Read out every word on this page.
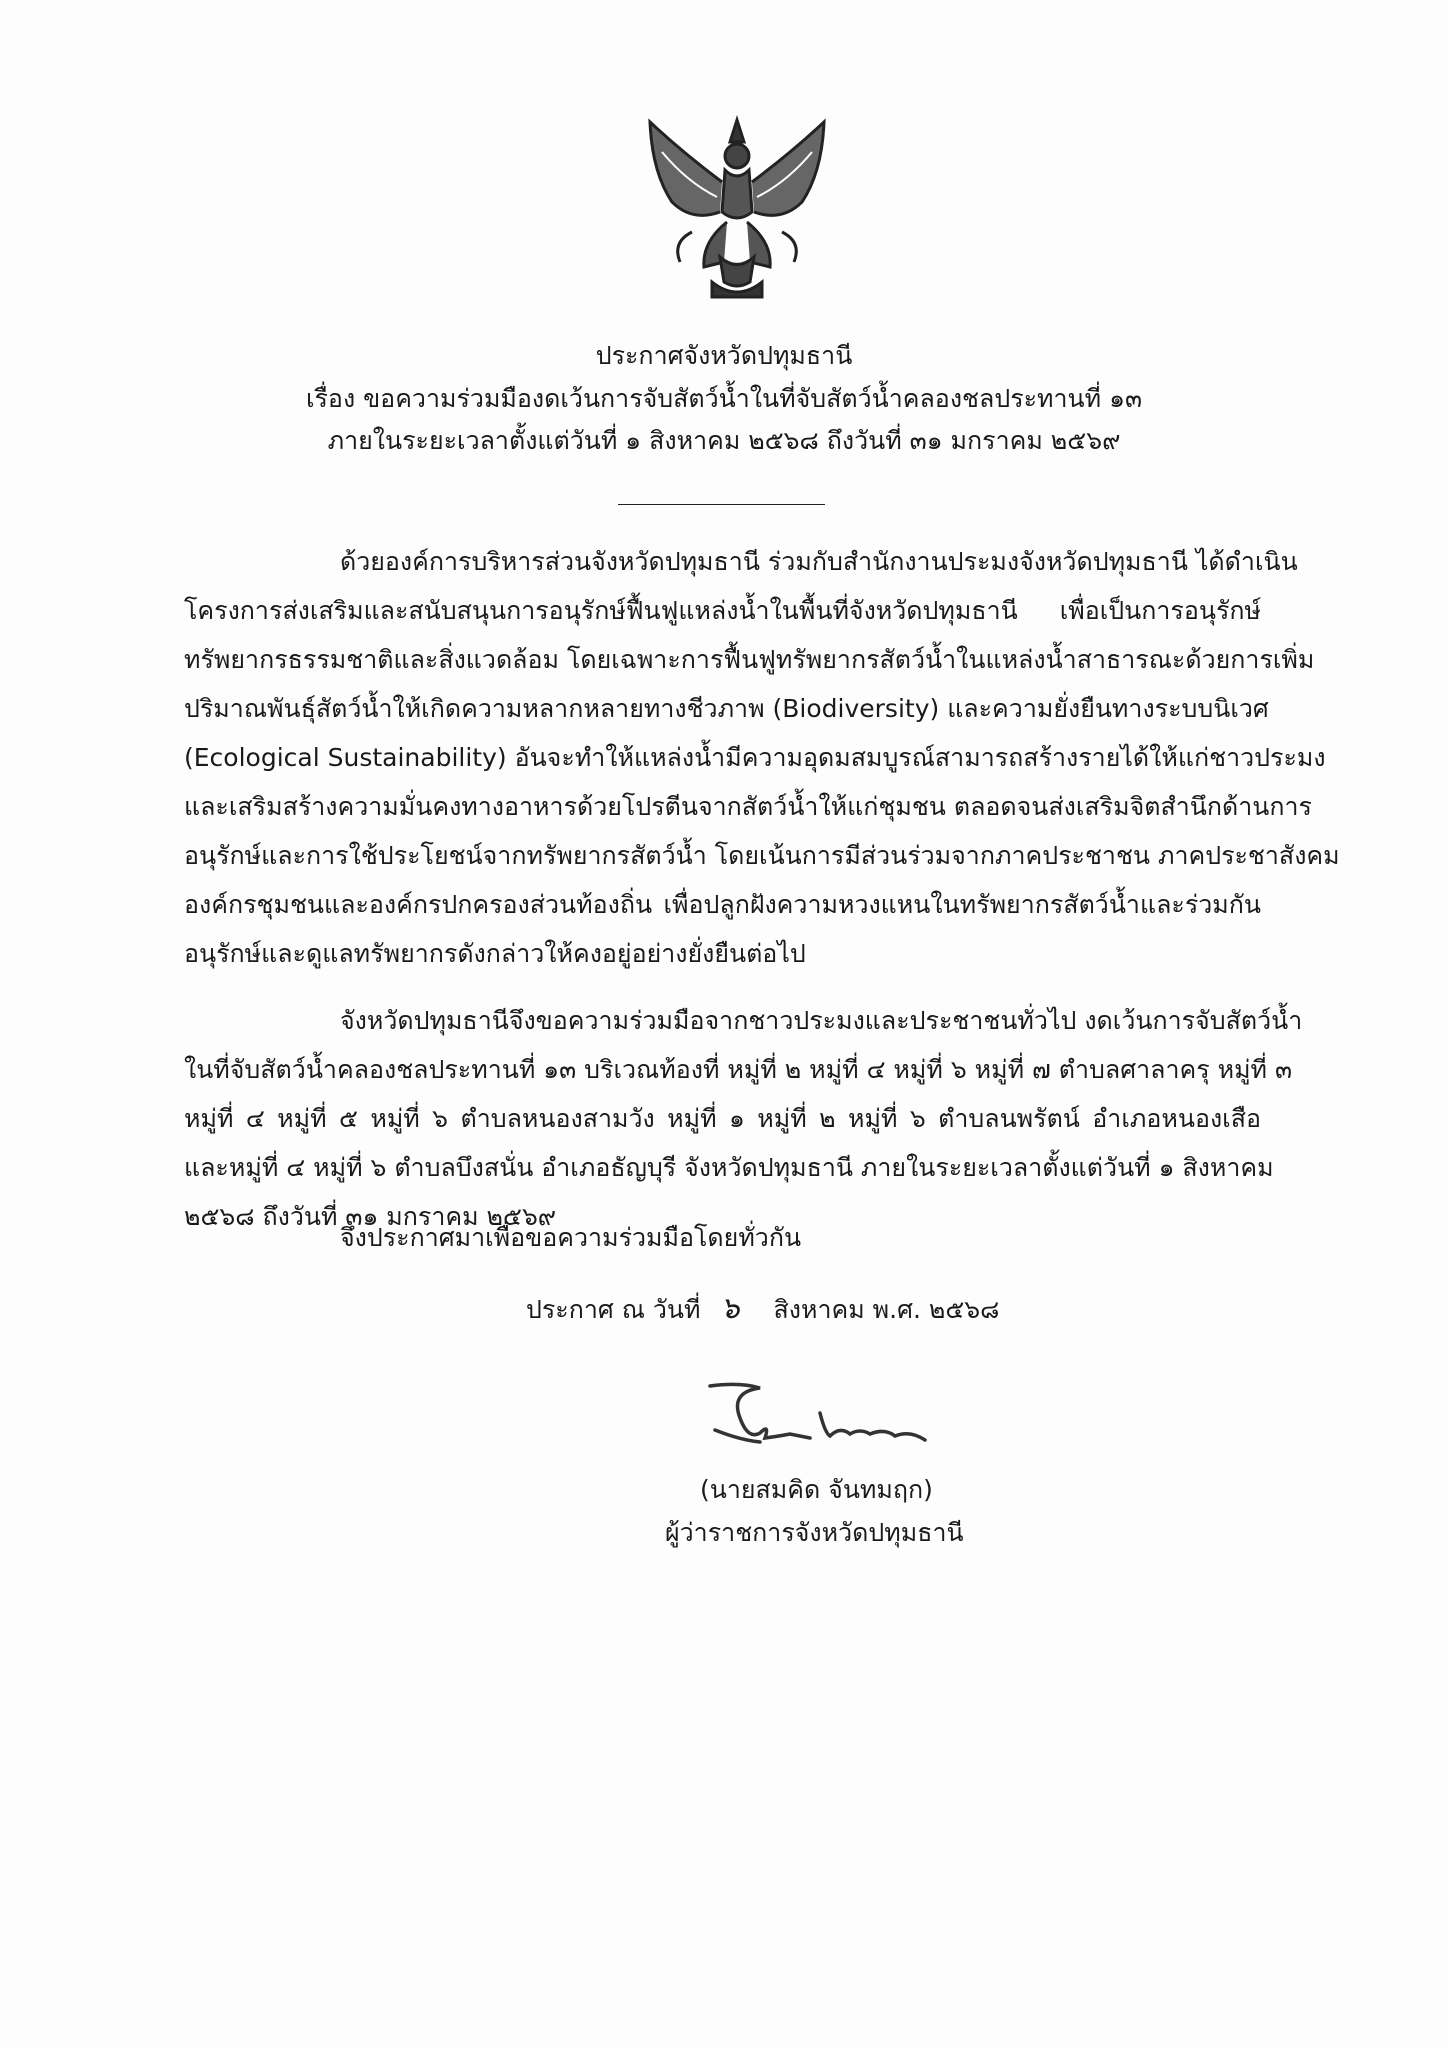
ประกาศจังหวัดปทุมธานี
เรื่อง ขอความร่วมมืองดเว้นการจับสัตว์น้ำในที่จับสัตว์น้ำคลองชลประทานที่ ๑๓
ภายในระยะเวลาตั้งแต่วันที่ ๑ สิงหาคม ๒๕๖๘ ถึงวันที่ ๓๑ มกราคม ๒๕๖๙
ด้วยองค์การบริหารส่วนจังหวัดปทุมธานี ร่วมกับสำนักงานประมงจังหวัดปทุมธานี ได้ดำเนิน
โครงการส่งเสริมและสนับสนุนการอนุรักษ์ฟื้นฟูแหล่งน้ำในพื้นที่จังหวัดปทุมธานี เพื่อเป็นการอนุรักษ์
ทรัพยากรธรรมชาติและสิ่งแวดล้อม โดยเฉพาะการฟื้นฟูทรัพยากรสัตว์น้ำในแหล่งน้ำสาธารณะด้วยการเพิ่ม
ปริมาณพันธุ์สัตว์น้ำให้เกิดความหลากหลายทางชีวภาพ (Biodiversity) และความยั่งยืนทางระบบนิเวศ
(Ecological Sustainability) อันจะทำให้แหล่งน้ำมีความอุดมสมบูรณ์สามารถสร้างรายได้ให้แก่ชาวประมง
และเสริมสร้างความมั่นคงทางอาหารด้วยโปรตีนจากสัตว์น้ำให้แก่ชุมชน ตลอดจนส่งเสริมจิตสำนึกด้านการ
อนุรักษ์และการใช้ประโยชน์จากทรัพยากรสัตว์น้ำ โดยเน้นการมีส่วนร่วมจากภาคประชาชน ภาคประชาสังคม
องค์กรชุมชนและองค์กรปกครองส่วนท้องถิ่น เพื่อปลูกฝังความหวงแหนในทรัพยากรสัตว์น้ำและร่วมกัน
อนุรักษ์และดูแลทรัพยากรดังกล่าวให้คงอยู่อย่างยั่งยืนต่อไป
จังหวัดปทุมธานีจึงขอความร่วมมือจากชาวประมงและประชาชนทั่วไป งดเว้นการจับสัตว์น้ำ
ในที่จับสัตว์น้ำคลองชลประทานที่ ๑๓ บริเวณท้องที่ หมู่ที่ ๒ หมู่ที่ ๔ หมู่ที่ ๖ หมู่ที่ ๗ ตำบลศาลาครุ หมู่ที่ ๓
หมู่ที่ ๔ หมู่ที่ ๕ หมู่ที่ ๖ ตำบลหนองสามวัง หมู่ที่ ๑ หมู่ที่ ๒ หมู่ที่ ๖ ตำบลนพรัตน์ อำเภอหนองเสือ
และหมู่ที่ ๔ หมู่ที่ ๖ ตำบลบึงสนั่น อำเภอธัญบุรี จังหวัดปทุมธานี ภายในระยะเวลาตั้งแต่วันที่ ๑ สิงหาคม
๒๕๖๘ ถึงวันที่ ๓๑ มกราคม ๒๕๖๙
จึงประกาศมาเพื่อขอความร่วมมือโดยทั่วกัน
ประกาศ ณ วันที่ ๖ สิงหาคม พ.ศ. ๒๕๖๘
(นายสมคิด จันทมฤก)
ผู้ว่าราชการจังหวัดปทุมธานี
